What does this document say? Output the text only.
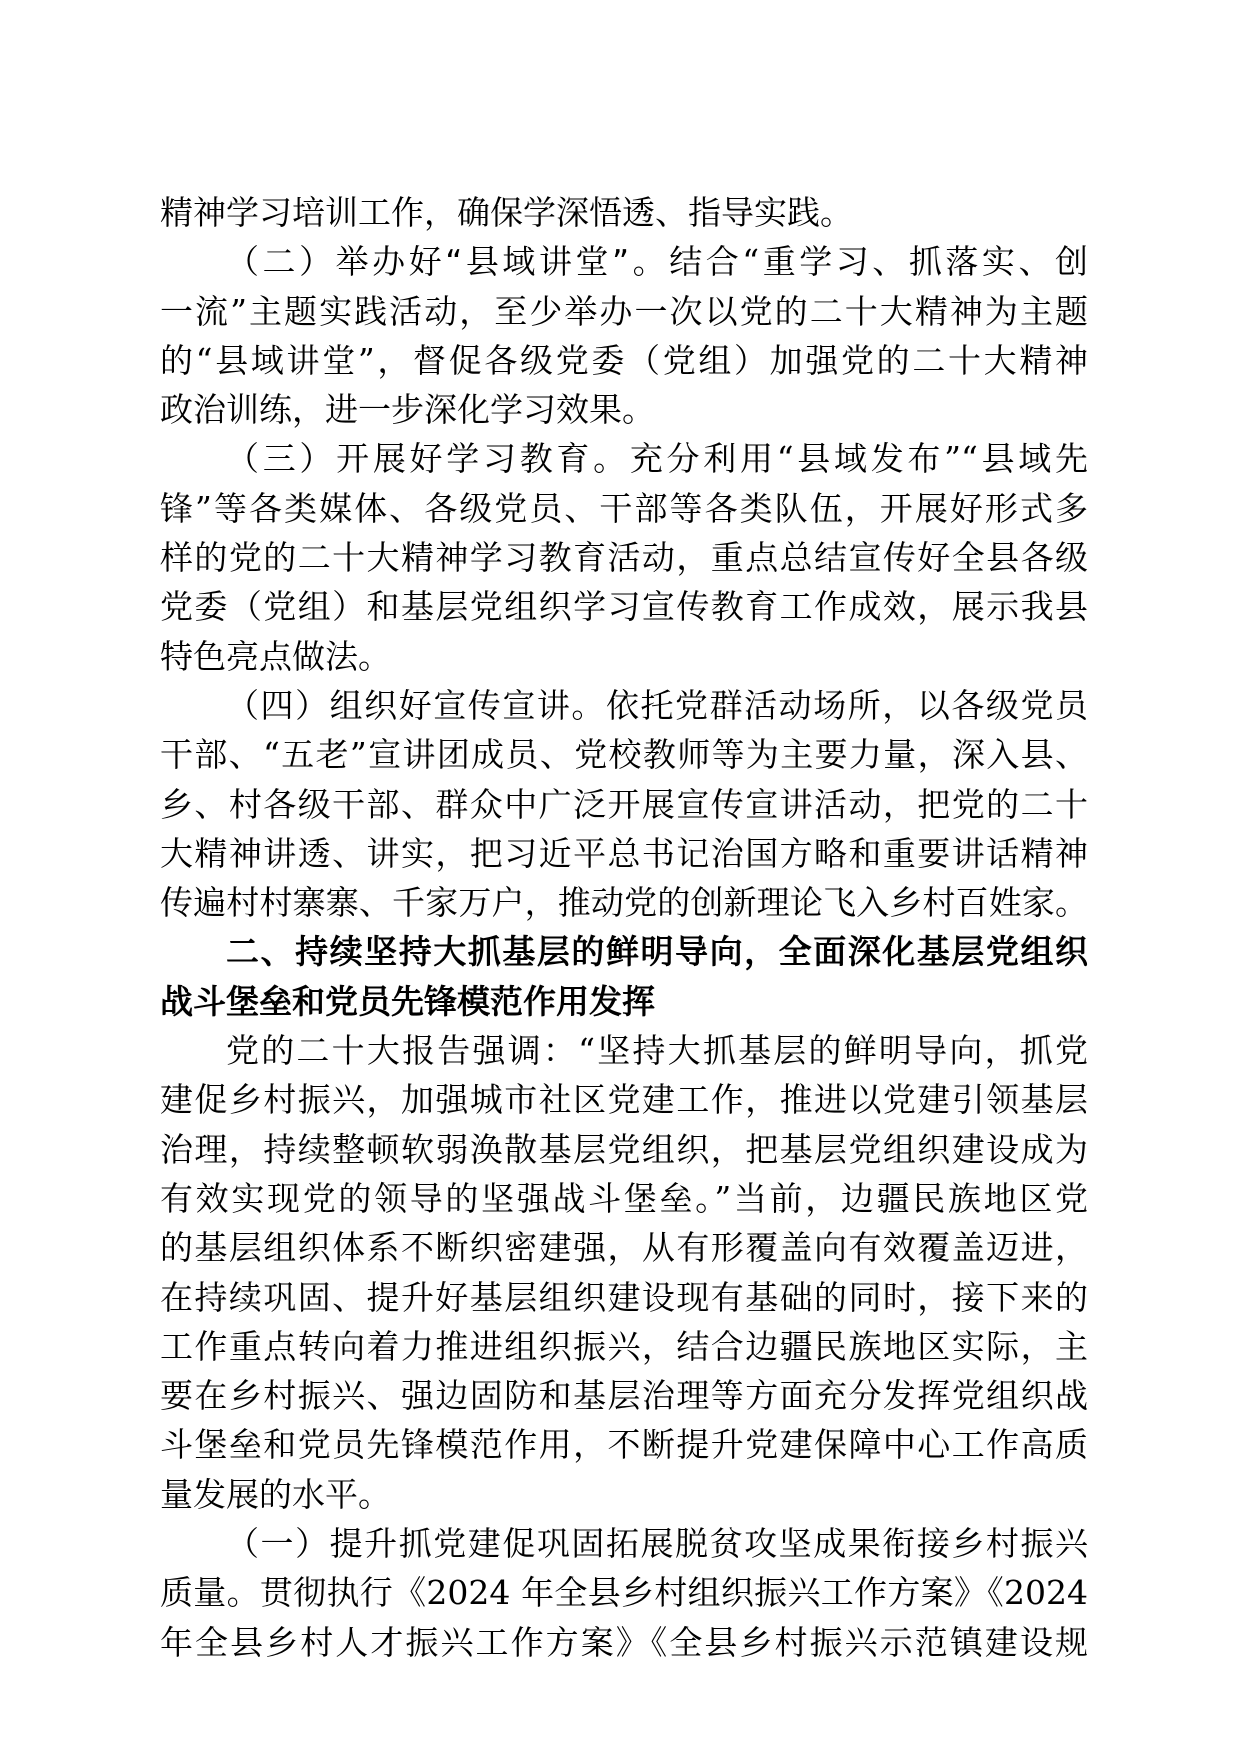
精神学习培训工作，确保学深悟透、指导实践。
（二）举办好“县域讲堂”。结合“重学习、抓落实、创
一流”主题实践活动，至少举办一次以党的二十大精神为主题
的“县域讲堂”，督促各级党委（党组）加强党的二十大精神
政治训练，进一步深化学习效果。
（三）开展好学习教育。充分利用“县域发布”“县域先
锋”等各类媒体、各级党员、干部等各类队伍，开展好形式多
样的党的二十大精神学习教育活动，重点总结宣传好全县各级
党委（党组）和基层党组织学习宣传教育工作成效，展示我县
特色亮点做法。
（四）组织好宣传宣讲。依托党群活动场所，以各级党员
干部、“五老”宣讲团成员、党校教师等为主要力量，深入县、
乡、村各级干部、群众中广泛开展宣传宣讲活动，把党的二十
大精神讲透、讲实，把习近平总书记治国方略和重要讲话精神
传遍村村寨寨、千家万户，推动党的创新理论飞入乡村百姓家。
二、持续坚持大抓基层的鲜明导向，全面深化基层党组织
战斗堡垒和党员先锋模范作用发挥
党的二十大报告强调：“坚持大抓基层的鲜明导向，抓党
建促乡村振兴，加强城市社区党建工作，推进以党建引领基层
治理，持续整顿软弱涣散基层党组织，把基层党组织建设成为
有效实现党的领导的坚强战斗堡垒。”当前，边疆民族地区党
的基层组织体系不断织密建强，从有形覆盖向有效覆盖迈进，
在持续巩固、提升好基层组织建设现有基础的同时，接下来的
工作重点转向着力推进组织振兴，结合边疆民族地区实际，主
要在乡村振兴、强边固防和基层治理等方面充分发挥党组织战
斗堡垒和党员先锋模范作用，不断提升党建保障中心工作高质
量发展的水平。
（一）提升抓党建促巩固拓展脱贫攻坚成果衔接乡村振兴
质量。贯彻执行《2024 年全县乡村组织振兴工作方案》《2024
年全县乡村人才振兴工作方案》《全县乡村振兴示范镇建设规
